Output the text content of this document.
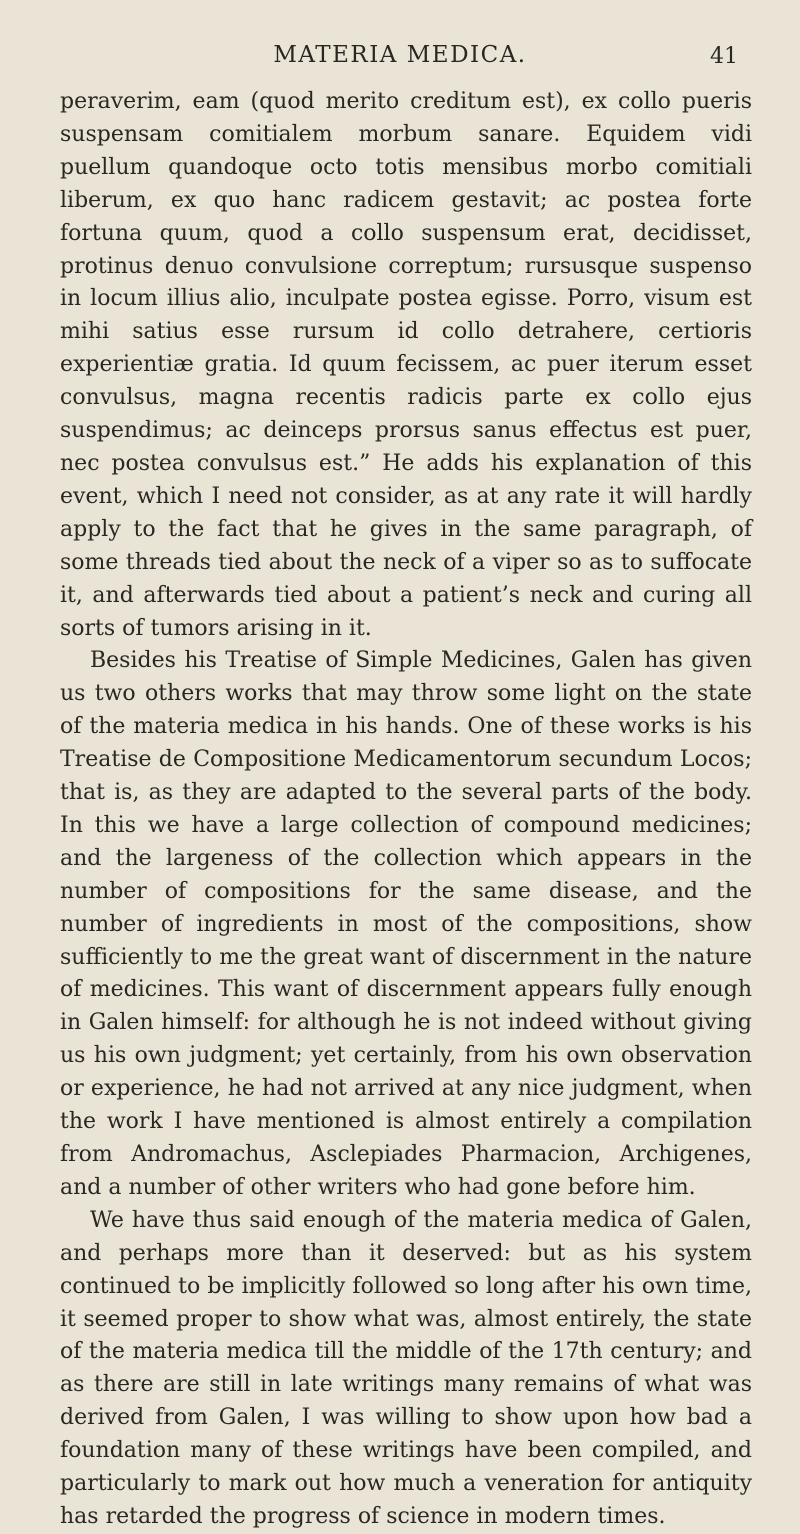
MATERIA MEDICA.	41

peraverim, eam (quod merito creditum est), ex collo pueris suspensam comitialem morbum sanare. Equidem vidi puellum quandoque octo totis mensibus morbo comitiali liberum, ex quo hanc radicem gestavit; ac postea forte fortuna quum, quod a collo suspensum erat, decidisset, protinus denuo convulsione correptum; rursusque suspenso in locum illius alio, inculpate postea egisse. Porro, visum est mihi satius esse rursum id collo detrahere, certioris experientiæ gratia. Id quum fecissem, ac puer iterum esset convulsus, magna recentis radicis parte ex collo ejus suspendimus; ac deinceps prorsus sanus effectus est puer, nec postea convulsus est.” He adds his explanation of this event, which I need not consider, as at any rate it will hardly apply to the fact that he gives in the same paragraph, of some threads tied about the neck of a viper so as to suffocate it, and afterwards tied about a patient’s neck and curing all sorts of tumors arising in it.

Besides his Treatise of Simple Medicines, Galen has given us two others works that may throw some light on the state of the materia medica in his hands. One of these works is his Treatise de Compositione Medicamentorum secundum Locos; that is, as they are adapted to the several parts of the body. In this we have a large collection of compound medicines; and the largeness of the collection which appears in the number of compositions for the same disease, and the number of ingredients in most of the compositions, show sufficiently to me the great want of discernment in the nature of medicines. This want of discernment appears fully enough in Galen himself: for although he is not indeed without giving us his own judgment; yet certainly, from his own observation or experience, he had not arrived at any nice judgment, when the work I have mentioned is almost entirely a compilation from Andromachus, Asclepiades Pharmacion, Archigenes, and a number of other writers who had gone before him.

We have thus said enough of the materia medica of Galen, and perhaps more than it deserved: but as his system continued to be implicitly followed so long after his own time, it seemed proper to show what was, almost entirely, the state of the materia medica till the middle of the 17th century; and as there are still in late writings many remains of what was derived from Galen, I was willing to show upon how bad a foundation many of these writings have been compiled, and particularly to mark out how much a veneration for antiquity has retarded the progress of science in modern times.
